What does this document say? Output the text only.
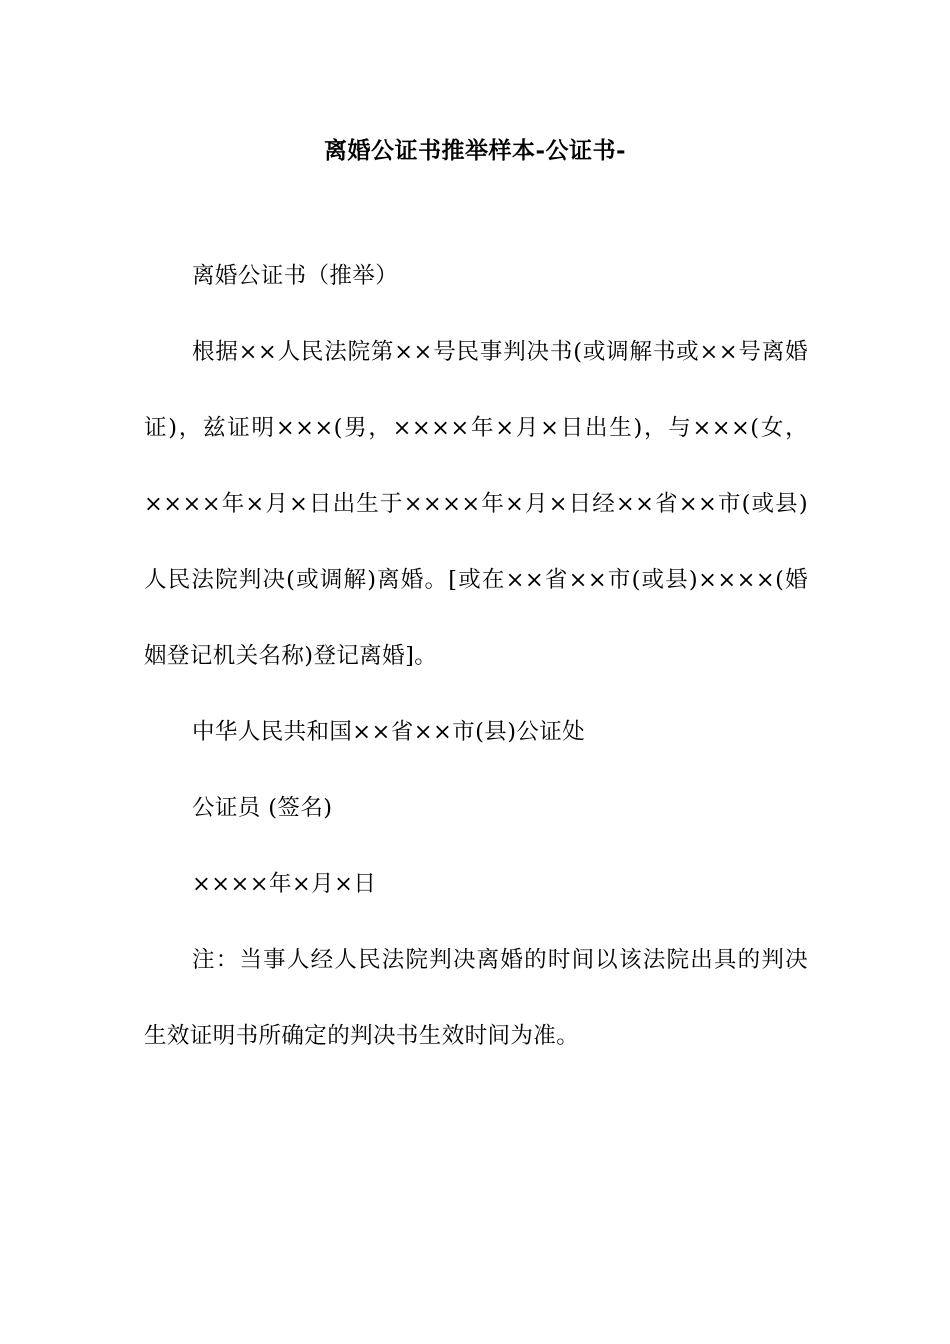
离婚公证书推举样本-公证书-

离婚公证书（推举）

根据××人民法院第××号民事判决书(或调解书或××号离婚证)，兹证明×××(男，××××年×月×日出生)，与×××(女，××××年×月×日出生于××××年×月×日经××省××市(或县)人民法院判决(或调解)离婚。[或在××省××市(或县)××××(婚姻登记机关名称)登记离婚]。

中华人民共和国××省××市(县)公证处

公证员 (签名)

××××年×月×日

注：当事人经人民法院判决离婚的时间以该法院出具的判决生效证明书所确定的判决书生效时间为准。
